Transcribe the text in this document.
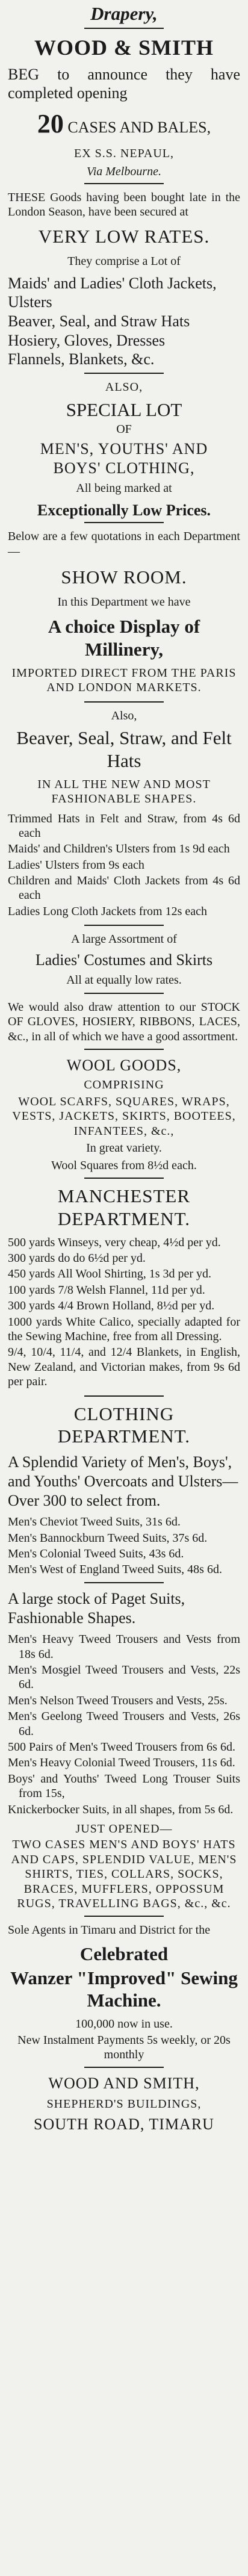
Drapery,
WOOD & SMITH
BEG to announce they have completed opening
20 CASES AND BALES,
EX S.S. NEPAUL,
Via Melbourne.
THESE Goods having been bought late in the London Season, have been secured at
VERY LOW RATES.
They comprise a Lot of
Maids' and Ladies' Cloth Jackets, Ulsters
Beaver, Seal, and Straw Hats
Hosiery, Gloves, Dresses
Flannels, Blankets, &c.
ALSO,
SPECIAL LOT
OF
MEN'S, YOUTHS' AND
BOYS' CLOTHING,
All being marked at
Exceptionally Low Prices.
Below are a few quotations in each Department—
SHOW ROOM.
In this Department we have
A choice Display of Millinery,
IMPORTED DIRECT FROM THE PARIS AND LONDON MARKETS.
Also,
Beaver, Seal, Straw, and Felt Hats
IN ALL THE NEW AND MOST FASHIONABLE SHAPES.
Trimmed Hats in Felt and Straw, from 4s 6d each
Maids' and Children's Ulsters from 1s 9d each
Ladies' Ulsters from 9s each
Children and Maids' Cloth Jackets from 4s 6d each
Ladies Long Cloth Jackets from 12s each
A large Assortment of
Ladies' Costumes and Skirts
All at equally low rates.
We would also draw attention to our STOCK OF GLOVES, HOSIERY, RIBBONS, LACES, &c., in all of which we have a good assortment.
WOOL GOODS,
COMPRISING
WOOL SCARFS, SQUARES, WRAPS, VESTS, JACKETS, SKIRTS, BOOTEES, INFANTEES, &c.,
In great variety.
Wool Squares from 8½d each.
MANCHESTER DEPARTMENT.
500 yards Winseys, very cheap, 4½d per yd.
300 yards do do 6½d per yd.
450 yards All Wool Shirting, 1s 3d per yd.
100 yards 7/8 Welsh Flannel, 11d per yd.
300 yards 4/4 Brown Holland, 8½d per yd.
1000 yards White Calico, specially adapted for the Sewing Machine, free from all Dressing.
9/4, 10/4, 11/4, and 12/4 Blankets, in English, New Zealand, and Victorian makes, from 9s 6d per pair.
CLOTHING DEPARTMENT.
A Splendid Variety of Men's, Boys', and Youths' Overcoats and Ulsters—Over 300 to select from.
Men's Cheviot Tweed Suits, 31s 6d.
Men's Bannockburn Tweed Suits, 37s 6d.
Men's Colonial Tweed Suits, 43s 6d.
Men's West of England Tweed Suits, 48s 6d.
A large stock of Paget Suits, Fashionable Shapes.
Men's Heavy Tweed Trousers and Vests from 18s 6d.
Men's Mosgiel Tweed Trousers and Vests, 22s 6d.
Men's Nelson Tweed Trousers and Vests, 25s.
Men's Geelong Tweed Trousers and Vests, 26s 6d.
500 Pairs of Men's Tweed Trousers from 6s 6d.
Men's Heavy Colonial Tweed Trousers, 11s 6d.
Boys' and Youths' Tweed Long Trouser Suits from 15s,
Knickerbocker Suits, in all shapes, from 5s 6d.
JUST OPENED—
TWO CASES MEN'S AND BOYS' HATS AND CAPS, SPLENDID VALUE, MEN'S SHIRTS, TIES, COLLARS, SOCKS, BRACES, MUFFLERS, OPPOSSUM RUGS, TRAVELLING BAGS, &c., &c.
Sole Agents in Timaru and District for the
Celebrated
Wanzer "Improved" Sewing Machine.
100,000 now in use.
New Instalment Payments 5s weekly, or 20s monthly
WOOD AND SMITH,
SHEPHERD'S BUILDINGS,
SOUTH ROAD, TIMARU
